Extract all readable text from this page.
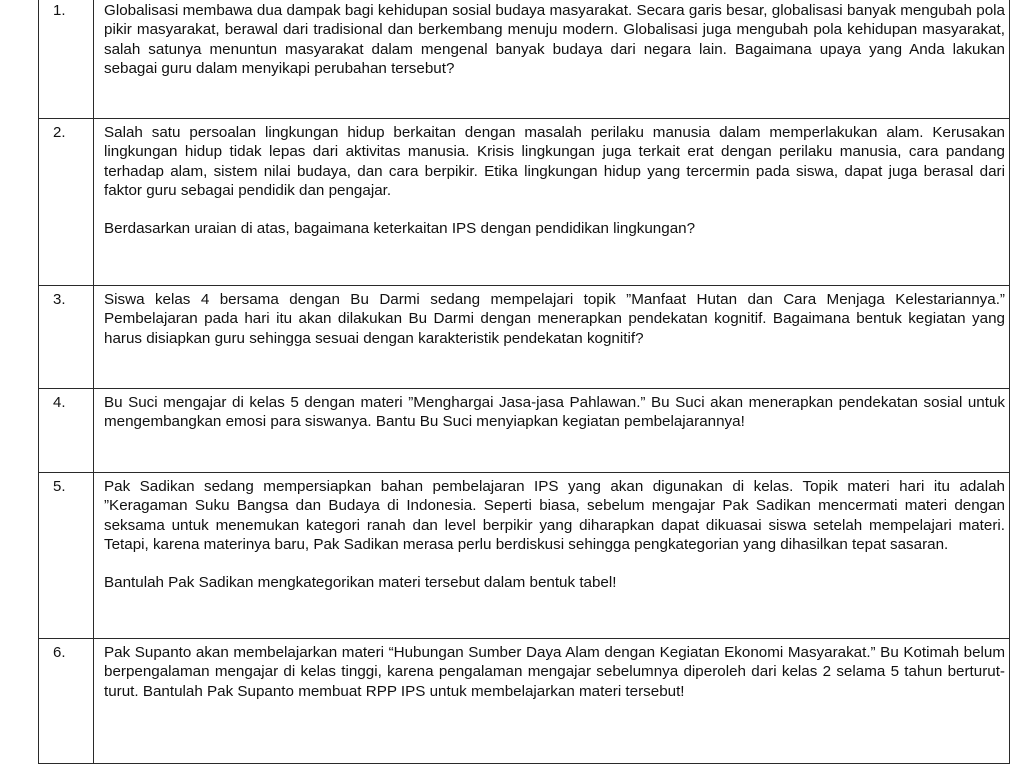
1.	Globalisasi membawa dua dampak bagi kehidupan sosial budaya masyarakat. Secara garis besar, globalisasi banyak mengubah pola pikir masyarakat, berawal dari tradisional dan berkembang menuju modern. Globalisasi juga mengubah pola kehidupan masyarakat, salah satunya menuntun masyarakat dalam mengenal banyak budaya dari negara lain. Bagaimana upaya yang Anda lakukan sebagai guru dalam menyikapi perubahan tersebut?

2.	Salah satu persoalan lingkungan hidup berkaitan dengan masalah perilaku manusia dalam memperlakukan alam. Kerusakan lingkungan hidup tidak lepas dari aktivitas manusia. Krisis lingkungan juga terkait erat dengan perilaku manusia, cara pandang terhadap alam, sistem nilai budaya, dan cara berpikir. Etika lingkungan hidup yang tercermin pada siswa, dapat juga berasal dari faktor guru sebagai pendidik dan pengajar.

Berdasarkan uraian di atas, bagaimana keterkaitan IPS dengan pendidikan lingkungan?

3.	Siswa kelas 4 bersama dengan Bu Darmi sedang mempelajari topik ”Manfaat Hutan dan Cara Menjaga Kelestariannya.” Pembelajaran pada hari itu akan dilakukan Bu Darmi dengan menerapkan pendekatan kognitif. Bagaimana bentuk kegiatan yang harus disiapkan guru sehingga sesuai dengan karakteristik pendekatan kognitif?

4.	Bu Suci mengajar di kelas 5 dengan materi ”Menghargai Jasa-jasa Pahlawan.” Bu Suci akan menerapkan pendekatan sosial untuk mengembangkan emosi para siswanya. Bantu Bu Suci menyiapkan kegiatan pembelajarannya!

5.	Pak Sadikan sedang mempersiapkan bahan pembelajaran IPS yang akan digunakan di kelas. Topik materi hari itu adalah ”Keragaman Suku Bangsa dan Budaya di Indonesia. Seperti biasa, sebelum mengajar Pak Sadikan mencermati materi dengan seksama untuk menemukan kategori ranah dan level berpikir yang diharapkan dapat dikuasai siswa setelah mempelajari materi. Tetapi, karena materinya baru, Pak Sadikan merasa perlu berdiskusi sehingga pengkategorian yang dihasilkan tepat sasaran.

Bantulah Pak Sadikan mengkategorikan materi tersebut dalam bentuk tabel!

6.	Pak Supanto akan membelajarkan materi “Hubungan Sumber Daya Alam dengan Kegiatan Ekonomi Masyarakat.” Bu Kotimah belum berpengalaman mengajar di kelas tinggi, karena pengalaman mengajar sebelumnya diperoleh dari kelas 2 selama 5 tahun berturut-turut. Bantulah Pak Supanto membuat RPP IPS untuk membelajarkan materi tersebut!
